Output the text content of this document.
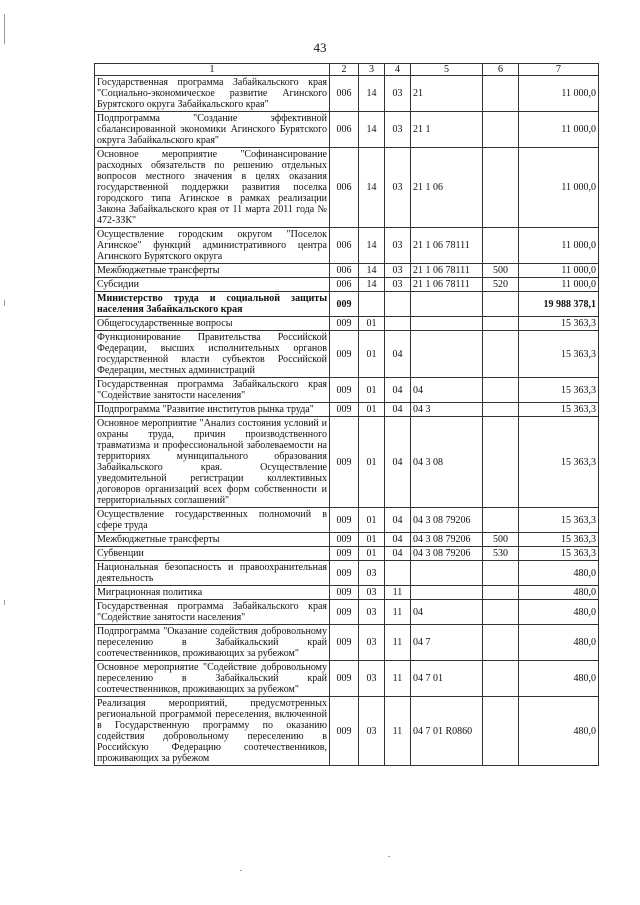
43
1	2	3	4	5	6	7
Государственная программа Забайкальского края "Социально-экономическое развитие Агинского Бурятского округа Забайкальского края"	006	14	03	21		11 000,0
Подпрограмма "Создание эффективной сбалансированной экономики Агинского Бурятского округа Забайкальского края"	006	14	03	21 1		11 000,0
Основное мероприятие "Софинансирование расходных обязательств по решению отдельных вопросов местного значения в целях оказания государственной поддержки развития поселка городского типа Агинское в рамках реализации Закона Забайкальского края от 11 марта 2011 года № 472-ЗЗК"	006	14	03	21 1 06		11 000,0
Осуществление городским округом "Поселок Агинское" функций административного центра Агинского Бурятского округа	006	14	03	21 1 06 78111		11 000,0
Межбюджетные трансферты	006	14	03	21 1 06 78111	500	11 000,0
Субсидии	006	14	03	21 1 06 78111	520	11 000,0
Министерство труда и социальной защиты населения Забайкальского края	009					19 988 378,1
Общегосударственные вопросы	009	01				15 363,3
Функционирование Правительства Российской Федерации, высших исполнительных органов государственной власти субъектов Российской Федерации, местных администраций	009	01	04			15 363,3
Государственная программа Забайкальского края "Содействие занятости населения"	009	01	04	04		15 363,3
Подпрограмма "Развитие институтов рынка труда"	009	01	04	04 3		15 363,3
Основное мероприятие "Анализ состояния условий и охраны труда, причин производственного травматизма и профессиональной заболеваемости на территориях муниципального образования Забайкальского края. Осуществление уведомительной регистрации коллективных договоров организаций всех форм собственности и территориальных соглашений"	009	01	04	04 3 08		15 363,3
Осуществление государственных полномочий в сфере труда	009	01	04	04 3 08 79206		15 363,3
Межбюджетные трансферты	009	01	04	04 3 08 79206	500	15 363,3
Субвенции	009	01	04	04 3 08 79206	530	15 363,3
Национальная безопасность и правоохранительная деятельность	009	03				480,0
Миграционная политика	009	03	11			480,0
Государственная программа Забайкальского края "Содействие занятости населения"	009	03	11	04		480,0
Подпрограмма "Оказание содействия добровольному переселению в Забайкальский край соотечественников, проживающих за рубежом"	009	03	11	04 7		480,0
Основное мероприятие "Содействие добровольному переселению в Забайкальский край соотечественников, проживающих за рубежом"	009	03	11	04 7 01		480,0
Реализация мероприятий, предусмотренных региональной программой переселения, включенной в Государственную программу по оказанию содействия добровольному переселению в Российскую Федерацию соотечественников, проживающих за рубежом	009	03	11	04 7 01 R0860		480,0
